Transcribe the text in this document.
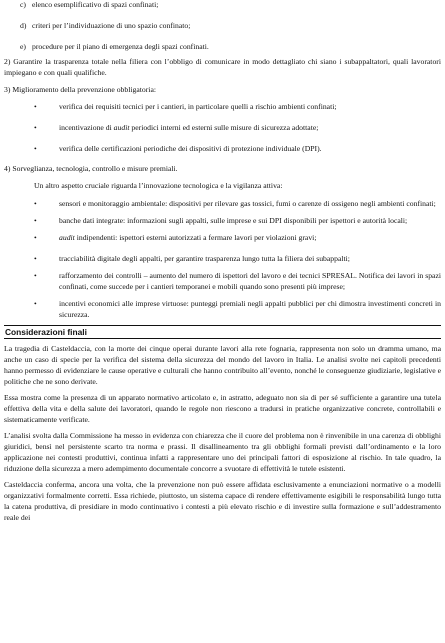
c) elenco esemplificativo di spazi confinati;

d) criteri per l’individuazione di uno spazio confinato;

e) procedure per il piano di emergenza degli spazi confinati.

2) Garantire la trasparenza totale nella filiera con l’obbligo di comunicare in modo dettagliato chi siano i subappaltatori, quali lavoratori impiegano e con quali qualifiche.

3) Miglioramento della prevenzione obbligatoria:

•	verifica dei requisiti tecnici per i cantieri, in particolare quelli a rischio ambienti confinati;

•	incentivazione di audit periodici interni ed esterni sulle misure di sicurezza adottate;

•	verifica delle certificazioni periodiche dei dispositivi di protezione individuale (DPI).

4) Sorveglianza, tecnologia, controllo e misure premiali.

Un altro aspetto cruciale riguarda l’innovazione tecnologica e la vigilanza attiva:

•	sensori e monitoraggio ambientale: dispositivi per rilevare gas tossici, fumi o carenze di ossigeno negli ambienti confinati;

•	banche dati integrate: informazioni sugli appalti, sulle imprese e sui DPI disponibili per ispettori e autorità locali;

•	audit indipendenti: ispettori esterni autorizzati a fermare lavori per violazioni gravi;

•	tracciabilità digitale degli appalti, per garantire trasparenza lungo tutta la filiera dei subappalti;

•	rafforzamento dei controlli – aumento del numero di ispettori del lavoro e dei tecnici SPRESAL. Notifica dei lavori in spazi confinati, come succede per i cantieri temporanei e mobili quando sono presenti più imprese;

•	incentivi economici alle imprese virtuose: punteggi premiali negli appalti pubblici per chi dimostra investimenti concreti in sicurezza.

Considerazioni finali

La tragedia di Casteldaccia, con la morte dei cinque operai durante lavori alla rete fognaria, rappresenta non solo un dramma umano, ma anche un caso di specie per la verifica del sistema della sicurezza del mondo del lavoro in Italia. Le analisi svolte nei capitoli precedenti hanno permesso di evidenziare le cause operative e culturali che hanno contribuito all’evento, nonché le conseguenze giudiziarie, legislative e politiche che ne sono derivate.

Essa mostra come la presenza di un apparato normativo articolato e, in astratto, adeguato non sia di per sé sufficiente a garantire una tutela effettiva della vita e della salute dei lavoratori, quando le regole non riescono a tradursi in pratiche organizzative concrete, controllabili e sistematicamente verificate.

L’analisi svolta dalla Commissione ha messo in evidenza con chiarezza che il cuore del problema non è rinvenibile in una carenza di obblighi giuridici, bensì nel persistente scarto tra norma e prassi. Il disallineamento tra gli obblighi formali previsti dall’ordinamento e la loro applicazione nei contesti produttivi, continua infatti a rappresentare uno dei principali fattori di esposizione al rischio. In tale quadro, la riduzione della sicurezza a mero adempimento documentale concorre a svuotare di effettività le tutele esistenti.

Casteldaccia conferma, ancora una volta, che la prevenzione non può essere affidata esclusivamente a enunciazioni normative o a modelli organizzativi formalmente corretti. Essa richiede, piuttosto, un sistema capace di rendere effettivamente esigibili le responsabilità lungo tutta la catena produttiva, di presidiare in modo continuativo i contesti a più elevato rischio e di investire sulla formazione e sull’addestramento reale dei
